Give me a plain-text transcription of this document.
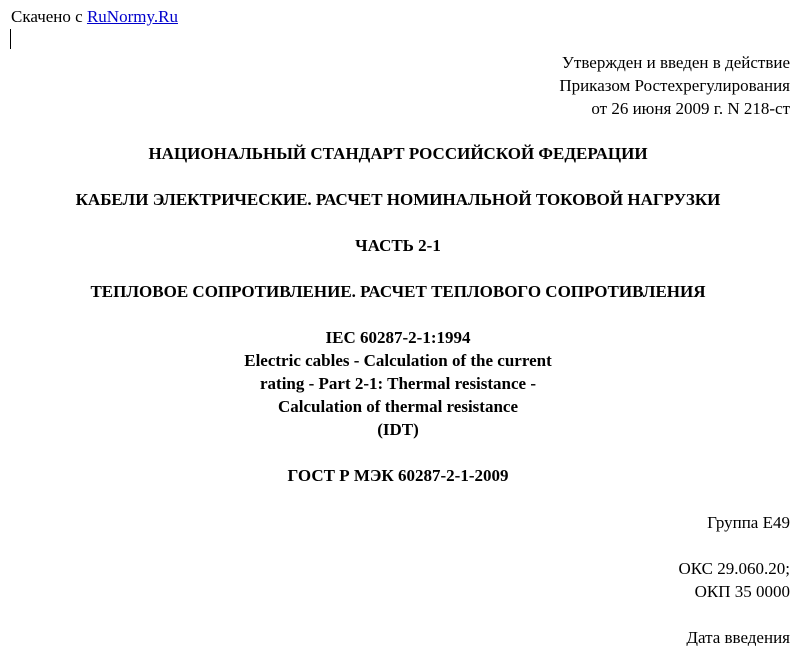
Скачено с RuNormy.Ru
Утвержден и введен в действие
Приказом Ростехрегулирования
от 26 июня 2009 г. N 218-ст
НАЦИОНАЛЬНЫЙ СТАНДАРТ РОССИЙСКОЙ ФЕДЕРАЦИИ
КАБЕЛИ ЭЛЕКТРИЧЕСКИЕ. РАСЧЕТ НОМИНАЛЬНОЙ ТОКОВОЙ НАГРУЗКИ
ЧАСТЬ 2-1
ТЕПЛОВОЕ СОПРОТИВЛЕНИЕ. РАСЧЕТ ТЕПЛОВОГО СОПРОТИВЛЕНИЯ
IEC 60287-2-1:1994
Electric cables - Calculation of the current
rating - Part 2-1: Thermal resistance -
Calculation of thermal resistance
(IDT)
ГОСТ Р МЭК 60287-2-1-2009
Группа Е49
ОКС 29.060.20;
ОКП 35 0000
Дата введения
